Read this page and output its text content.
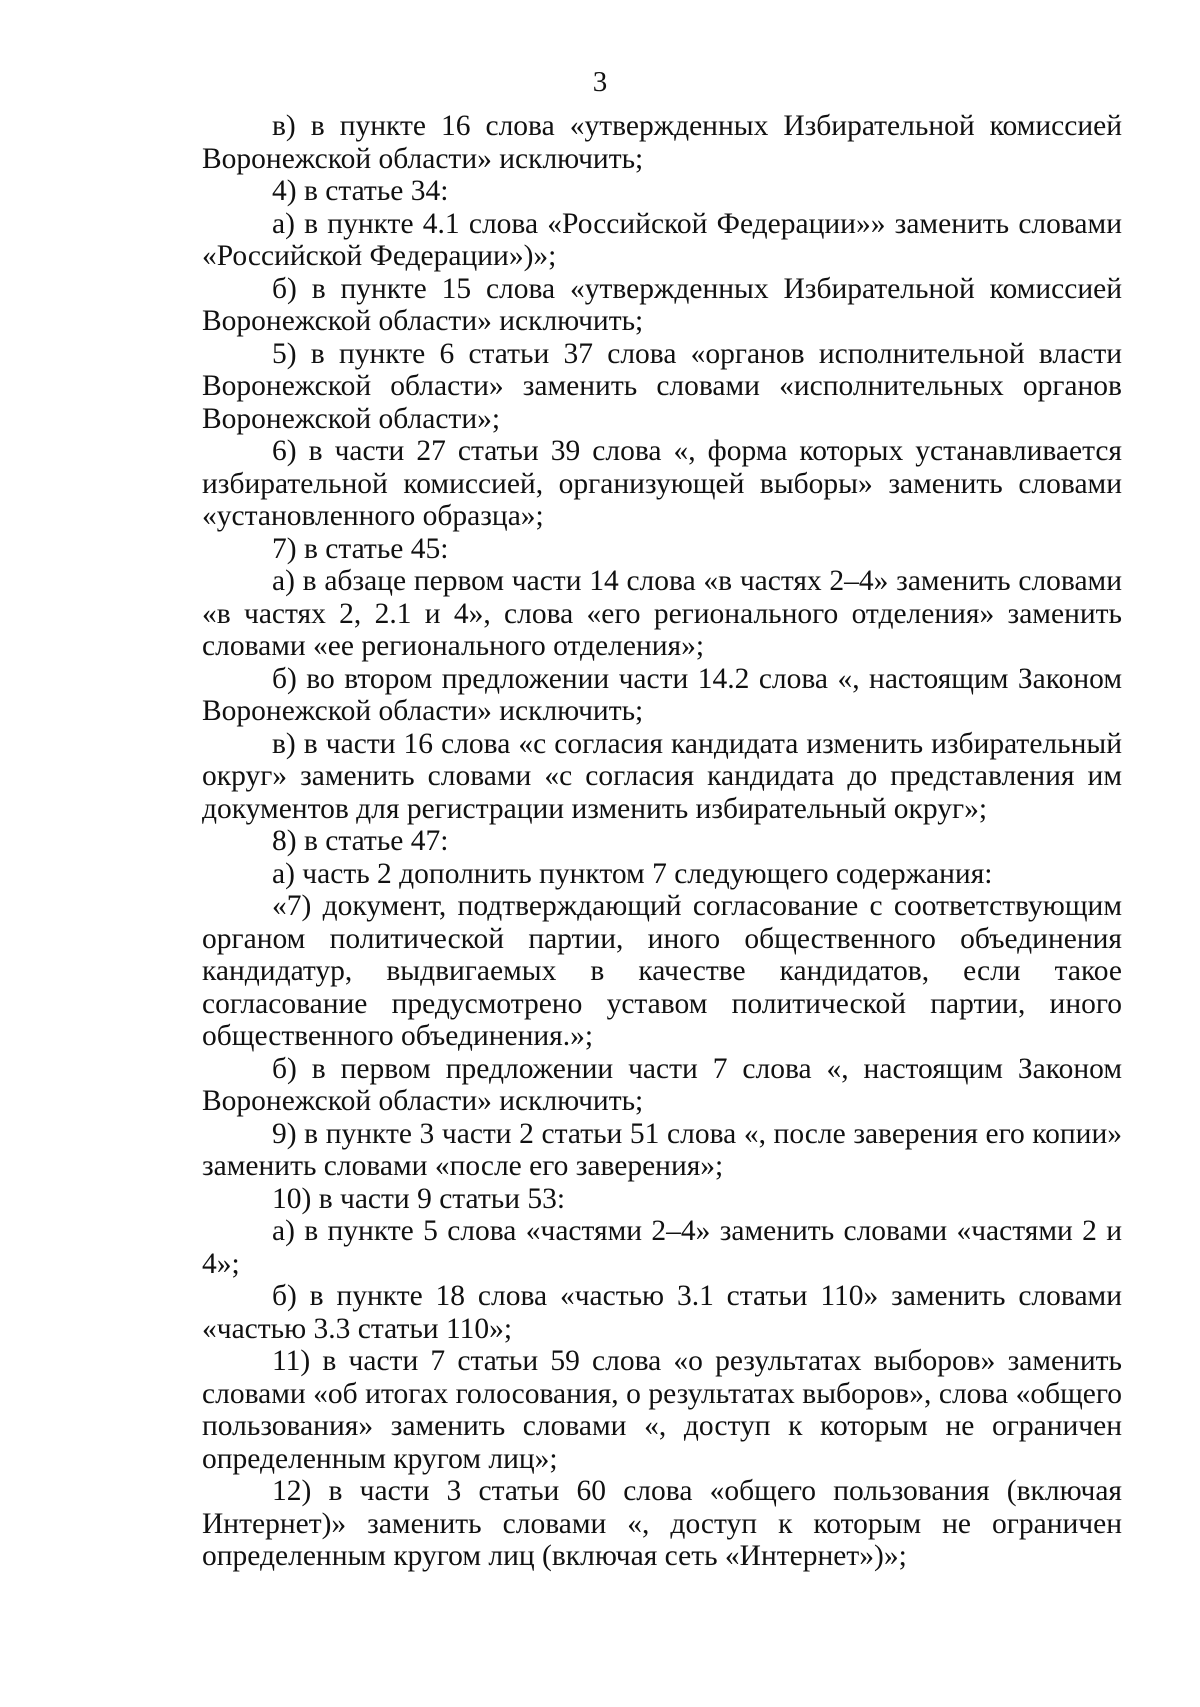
3

в) в пункте 16 слова «утвержденных Избирательной комиссией Воронежской области» исключить;

4) в статье 34:

а) в пункте 4.1 слова «Российской Федерации»» заменить словами «Российской Федерации»)»;

б) в пункте 15 слова «утвержденных Избирательной комиссией Воронежской области» исключить;

5) в пункте 6 статьи 37 слова «органов исполнительной власти Воронежской области» заменить словами «исполнительных органов Воронежской области»;

6) в части 27 статьи 39 слова «, форма которых устанавливается избирательной комиссией, организующей выборы» заменить словами «установленного образца»;

7) в статье 45:

а) в абзаце первом части 14 слова «в частях 2–4» заменить словами «в частях 2, 2.1 и 4», слова «его регионального отделения» заменить словами «ее регионального отделения»;

б) во втором предложении части 14.2 слова «, настоящим Законом Воронежской области» исключить;

в) в части 16 слова «с согласия кандидата изменить избирательный округ» заменить словами «с согласия кандидата до представления им документов для регистрации изменить избирательный округ»;

8) в статье 47:

а) часть 2 дополнить пунктом 7 следующего содержания:

«7) документ, подтверждающий согласование с соответствующим органом политической партии, иного общественного объединения кандидатур, выдвигаемых в качестве кандидатов, если такое согласование предусмотрено уставом политической партии, иного общественного объединения.»;

б) в первом предложении части 7 слова «, настоящим Законом Воронежской области» исключить;

9) в пункте 3 части 2 статьи 51 слова «, после заверения его копии» заменить словами «после его заверения»;

10) в части 9 статьи 53:

а) в пункте 5 слова «частями 2–4» заменить словами «частями 2 и 4»;

б) в пункте 18 слова «частью 3.1 статьи 110» заменить словами «частью 3.3 статьи 110»;

11) в части 7 статьи 59 слова «о результатах выборов» заменить словами «об итогах голосования, о результатах выборов», слова «общего пользования» заменить словами «, доступ к которым не ограничен определенным кругом лиц»;

12) в части 3 статьи 60 слова «общего пользования (включая Интернет)» заменить словами «, доступ к которым не ограничен определенным кругом лиц (включая сеть «Интернет»)»;
